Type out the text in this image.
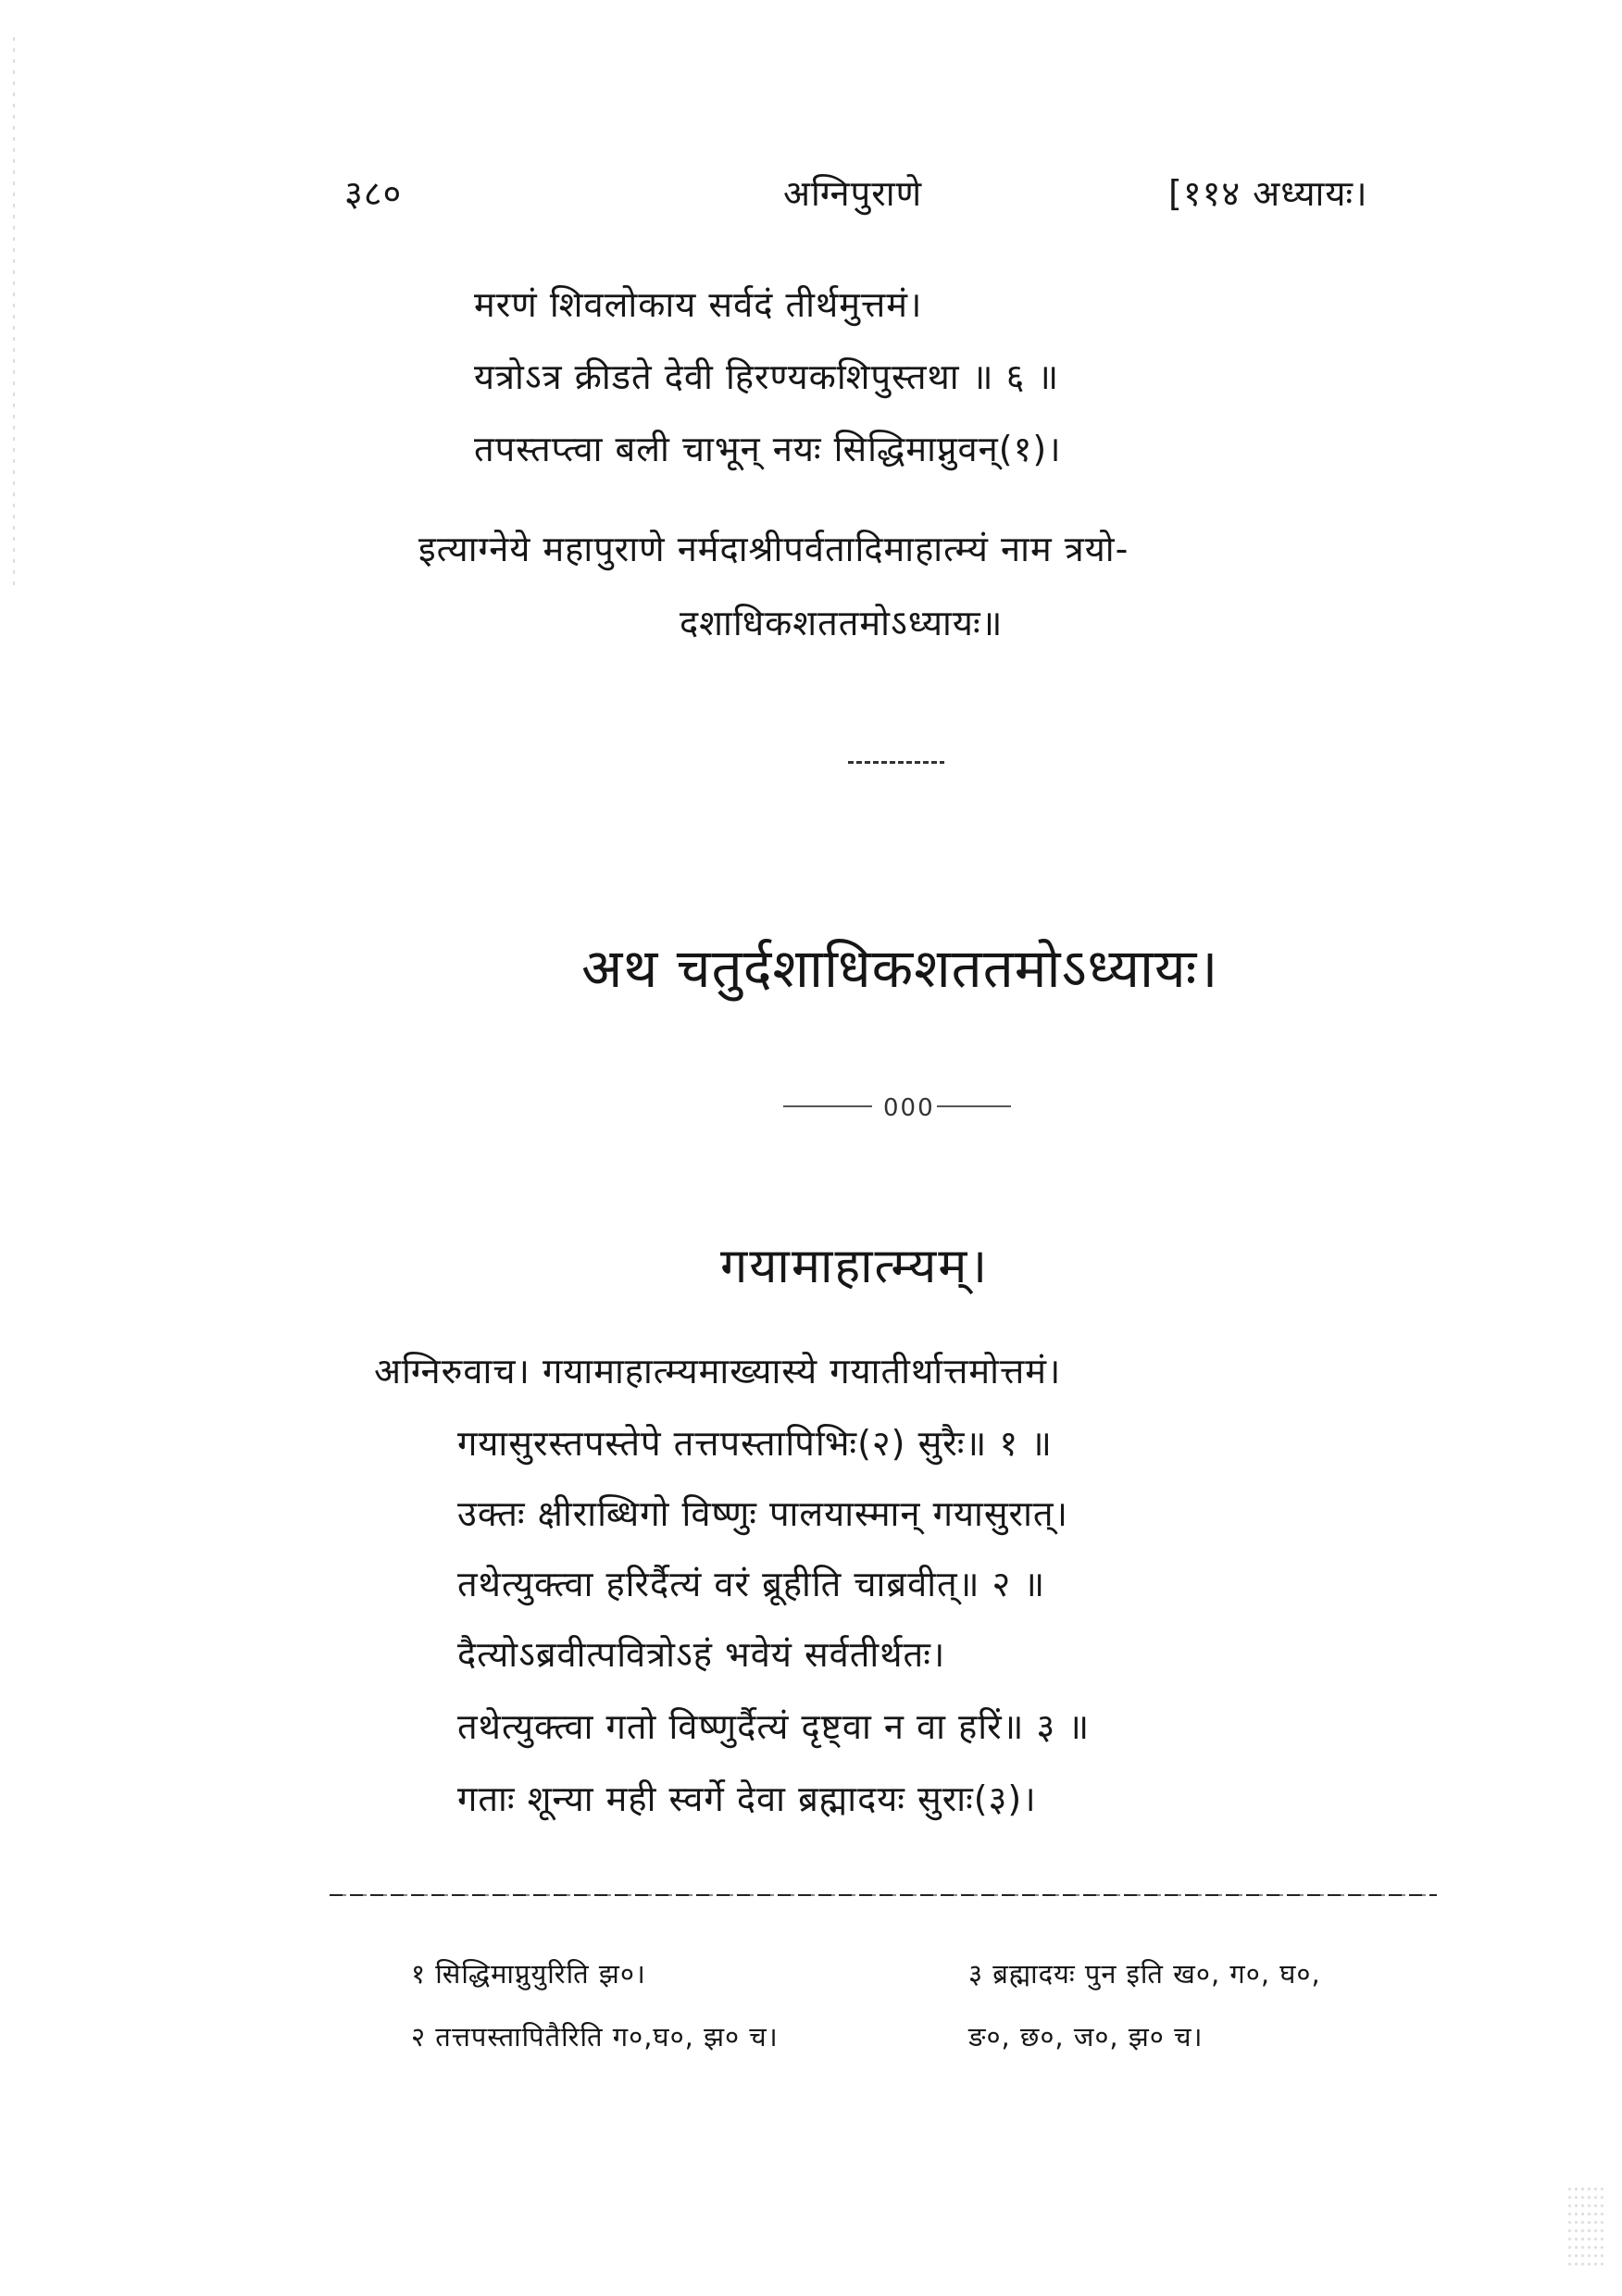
३८०	अग्निपुराणे	[११४ अध्यायः।
मरणं शिवलोकाय सर्वदं तीर्थमुत्तमं।
यत्रोऽत्र क्रीडते देवी हिरण्यकशिपुस्तथा ॥ ६ ॥
तपस्तप्त्वा बली चाभून् नयः सिद्धिमाप्नुवन्(१)।
इत्याग्नेये महापुराणे नर्मदाश्रीपर्वतादिमाहात्म्यं नाम त्रयो-
दशाधिकशततमोऽध्यायः॥
अथ चतुर्दशाधिकशततमोऽध्यायः।
000
गयामाहात्म्यम्।
अग्निरुवाच। गयामाहात्म्यमाख्यास्ये गयातीर्थात्तमोत्तमं।
गयासुरस्तपस्तेपे तत्तपस्तापिभिः(२) सुरैः॥ १ ॥
उक्तः क्षीराब्धिगो विष्णुः पालयास्मान् गयासुरात्।
तथेत्युक्त्वा हरिर्दैत्यं वरं ब्रूहीति चाब्रवीत्॥ २ ॥
दैत्योऽब्रवीत्पवित्रोऽहं भवेयं सर्वतीर्थतः।
तथेत्युक्त्वा गतो विष्णुर्दैत्यं दृष्ट्वा न वा हरिं॥ ३ ॥
गताः शून्या मही स्वर्गे देवा ब्रह्मादयः सुराः(३)।
१ सिद्धिमाप्नुयुरिति झ०।
२ तत्तपस्तापितैरिति ग०,घ०, झ० च।
३ ब्रह्मादयः पुन इति ख०, ग०, घ०,
ङ०, छ०, ज०, झ० च।
